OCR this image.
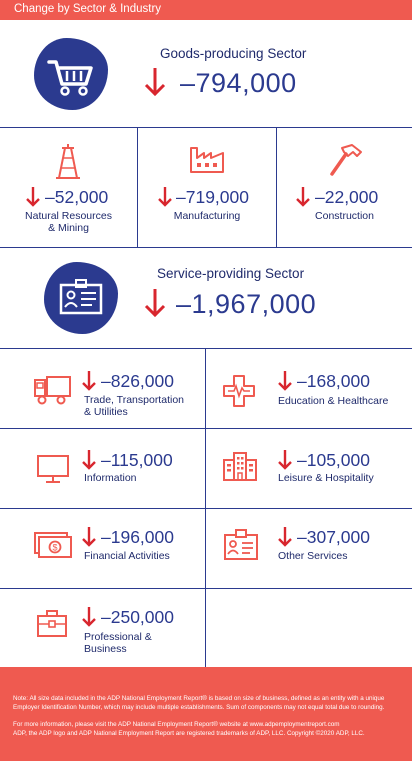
Change by Sector & Industry
Goods-producing Sector
–794,000
–52,000
Natural Resources
& Mining
–719,000
Manufacturing
–22,000
Construction
Service-providing Sector
–1,967,000
–826,000
Trade, Transportation
& Utilities
–168,000
Education & Healthcare
–115,000
Information
–105,000
Leisure & Hospitality
$
–196,000
Financial Activities
–307,000
Other Services
–250,000
Professional &
Business
Note: All size data included in the ADP National Employment Report® is based on size of business, defined as an entity with a unique
Employer Identification Number, which may include multiple establishments. Sum of components may not equal total due to rounding.
For more information, please visit the ADP National Employment Report® website at www.adpemploymentreport.com
ADP, the ADP logo and ADP National Employment Report are registered trademarks of ADP, LLC. Copyright ©2020 ADP, LLC.
